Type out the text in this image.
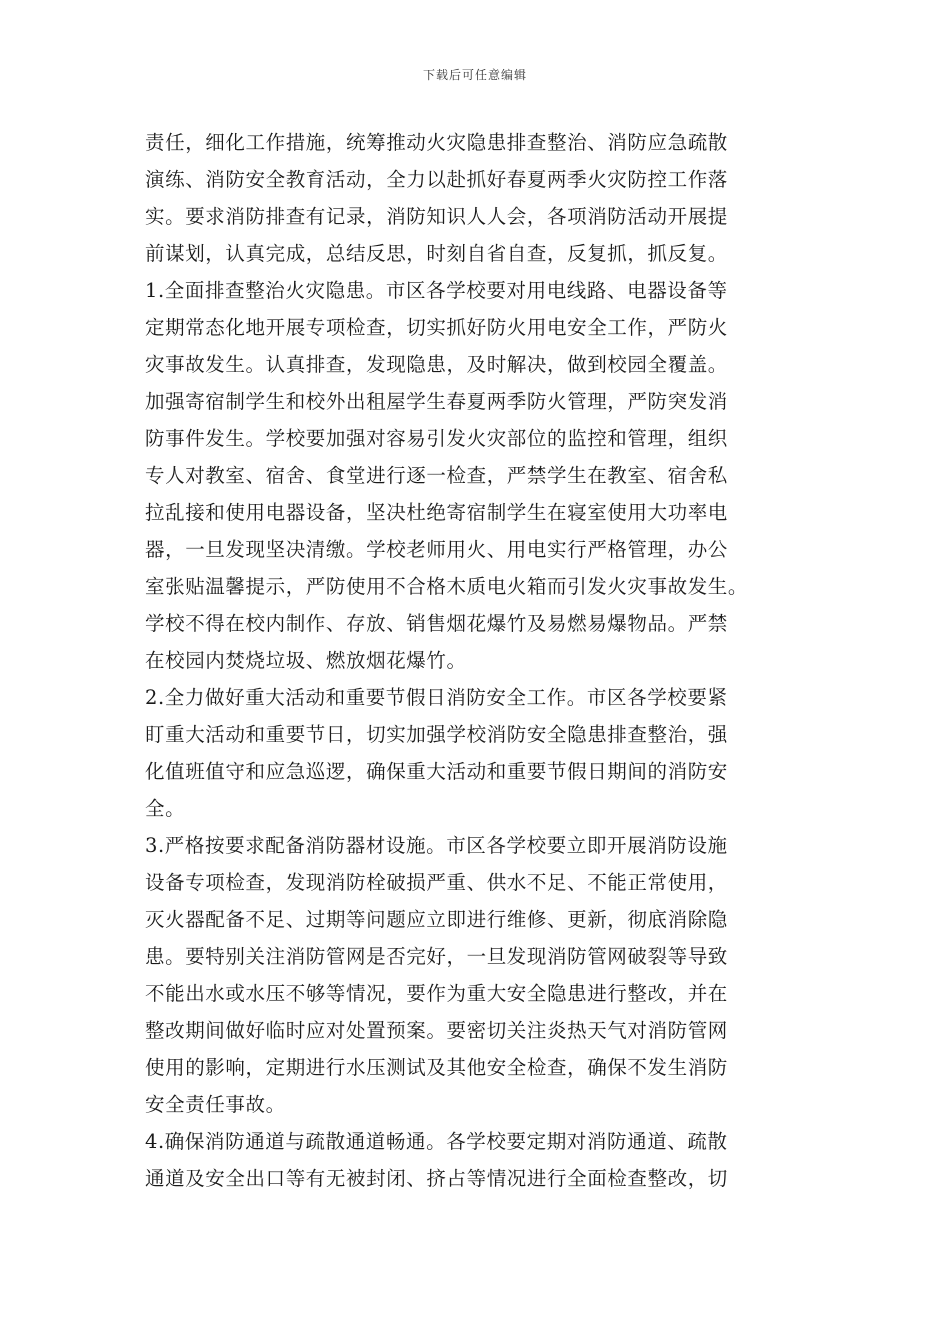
下载后可任意编辑
责任，细化工作措施，统筹推动火灾隐患排查整治、消防应急疏散
演练、消防安全教育活动，全力以赴抓好春夏两季火灾防控工作落
实。要求消防排查有记录，消防知识人人会，各项消防活动开展提
前谋划，认真完成，总结反思，时刻自省自查，反复抓，抓反复。
1.全面排查整治火灾隐患。市区各学校要对用电线路、电器设备等
定期常态化地开展专项检查，切实抓好防火用电安全工作，严防火
灾事故发生。认真排查，发现隐患，及时解决，做到校园全覆盖。
加强寄宿制学生和校外出租屋学生春夏两季防火管理，严防突发消
防事件发生。学校要加强对容易引发火灾部位的监控和管理，组织
专人对教室、宿舍、食堂进行逐一检查，严禁学生在教室、宿舍私
拉乱接和使用电器设备，坚决杜绝寄宿制学生在寝室使用大功率电
器，一旦发现坚决清缴。学校老师用火、用电实行严格管理，办公
室张贴温馨提示，严防使用不合格木质电火箱而引发火灾事故发生。
学校不得在校内制作、存放、销售烟花爆竹及易燃易爆物品。严禁
在校园内焚烧垃圾、燃放烟花爆竹。
2.全力做好重大活动和重要节假日消防安全工作。市区各学校要紧
盯重大活动和重要节日，切实加强学校消防安全隐患排查整治，强
化值班值守和应急巡逻，确保重大活动和重要节假日期间的消防安
全。
3.严格按要求配备消防器材设施。市区各学校要立即开展消防设施
设备专项检查，发现消防栓破损严重、供水不足、不能正常使用，
灭火器配备不足、过期等问题应立即进行维修、更新，彻底消除隐
患。要特别关注消防管网是否完好，一旦发现消防管网破裂等导致
不能出水或水压不够等情况，要作为重大安全隐患进行整改，并在
整改期间做好临时应对处置预案。要密切关注炎热天气对消防管网
使用的影响，定期进行水压测试及其他安全检查，确保不发生消防
安全责任事故。
4.确保消防通道与疏散通道畅通。各学校要定期对消防通道、疏散
通道及安全出口等有无被封闭、挤占等情况进行全面检查整改，切
